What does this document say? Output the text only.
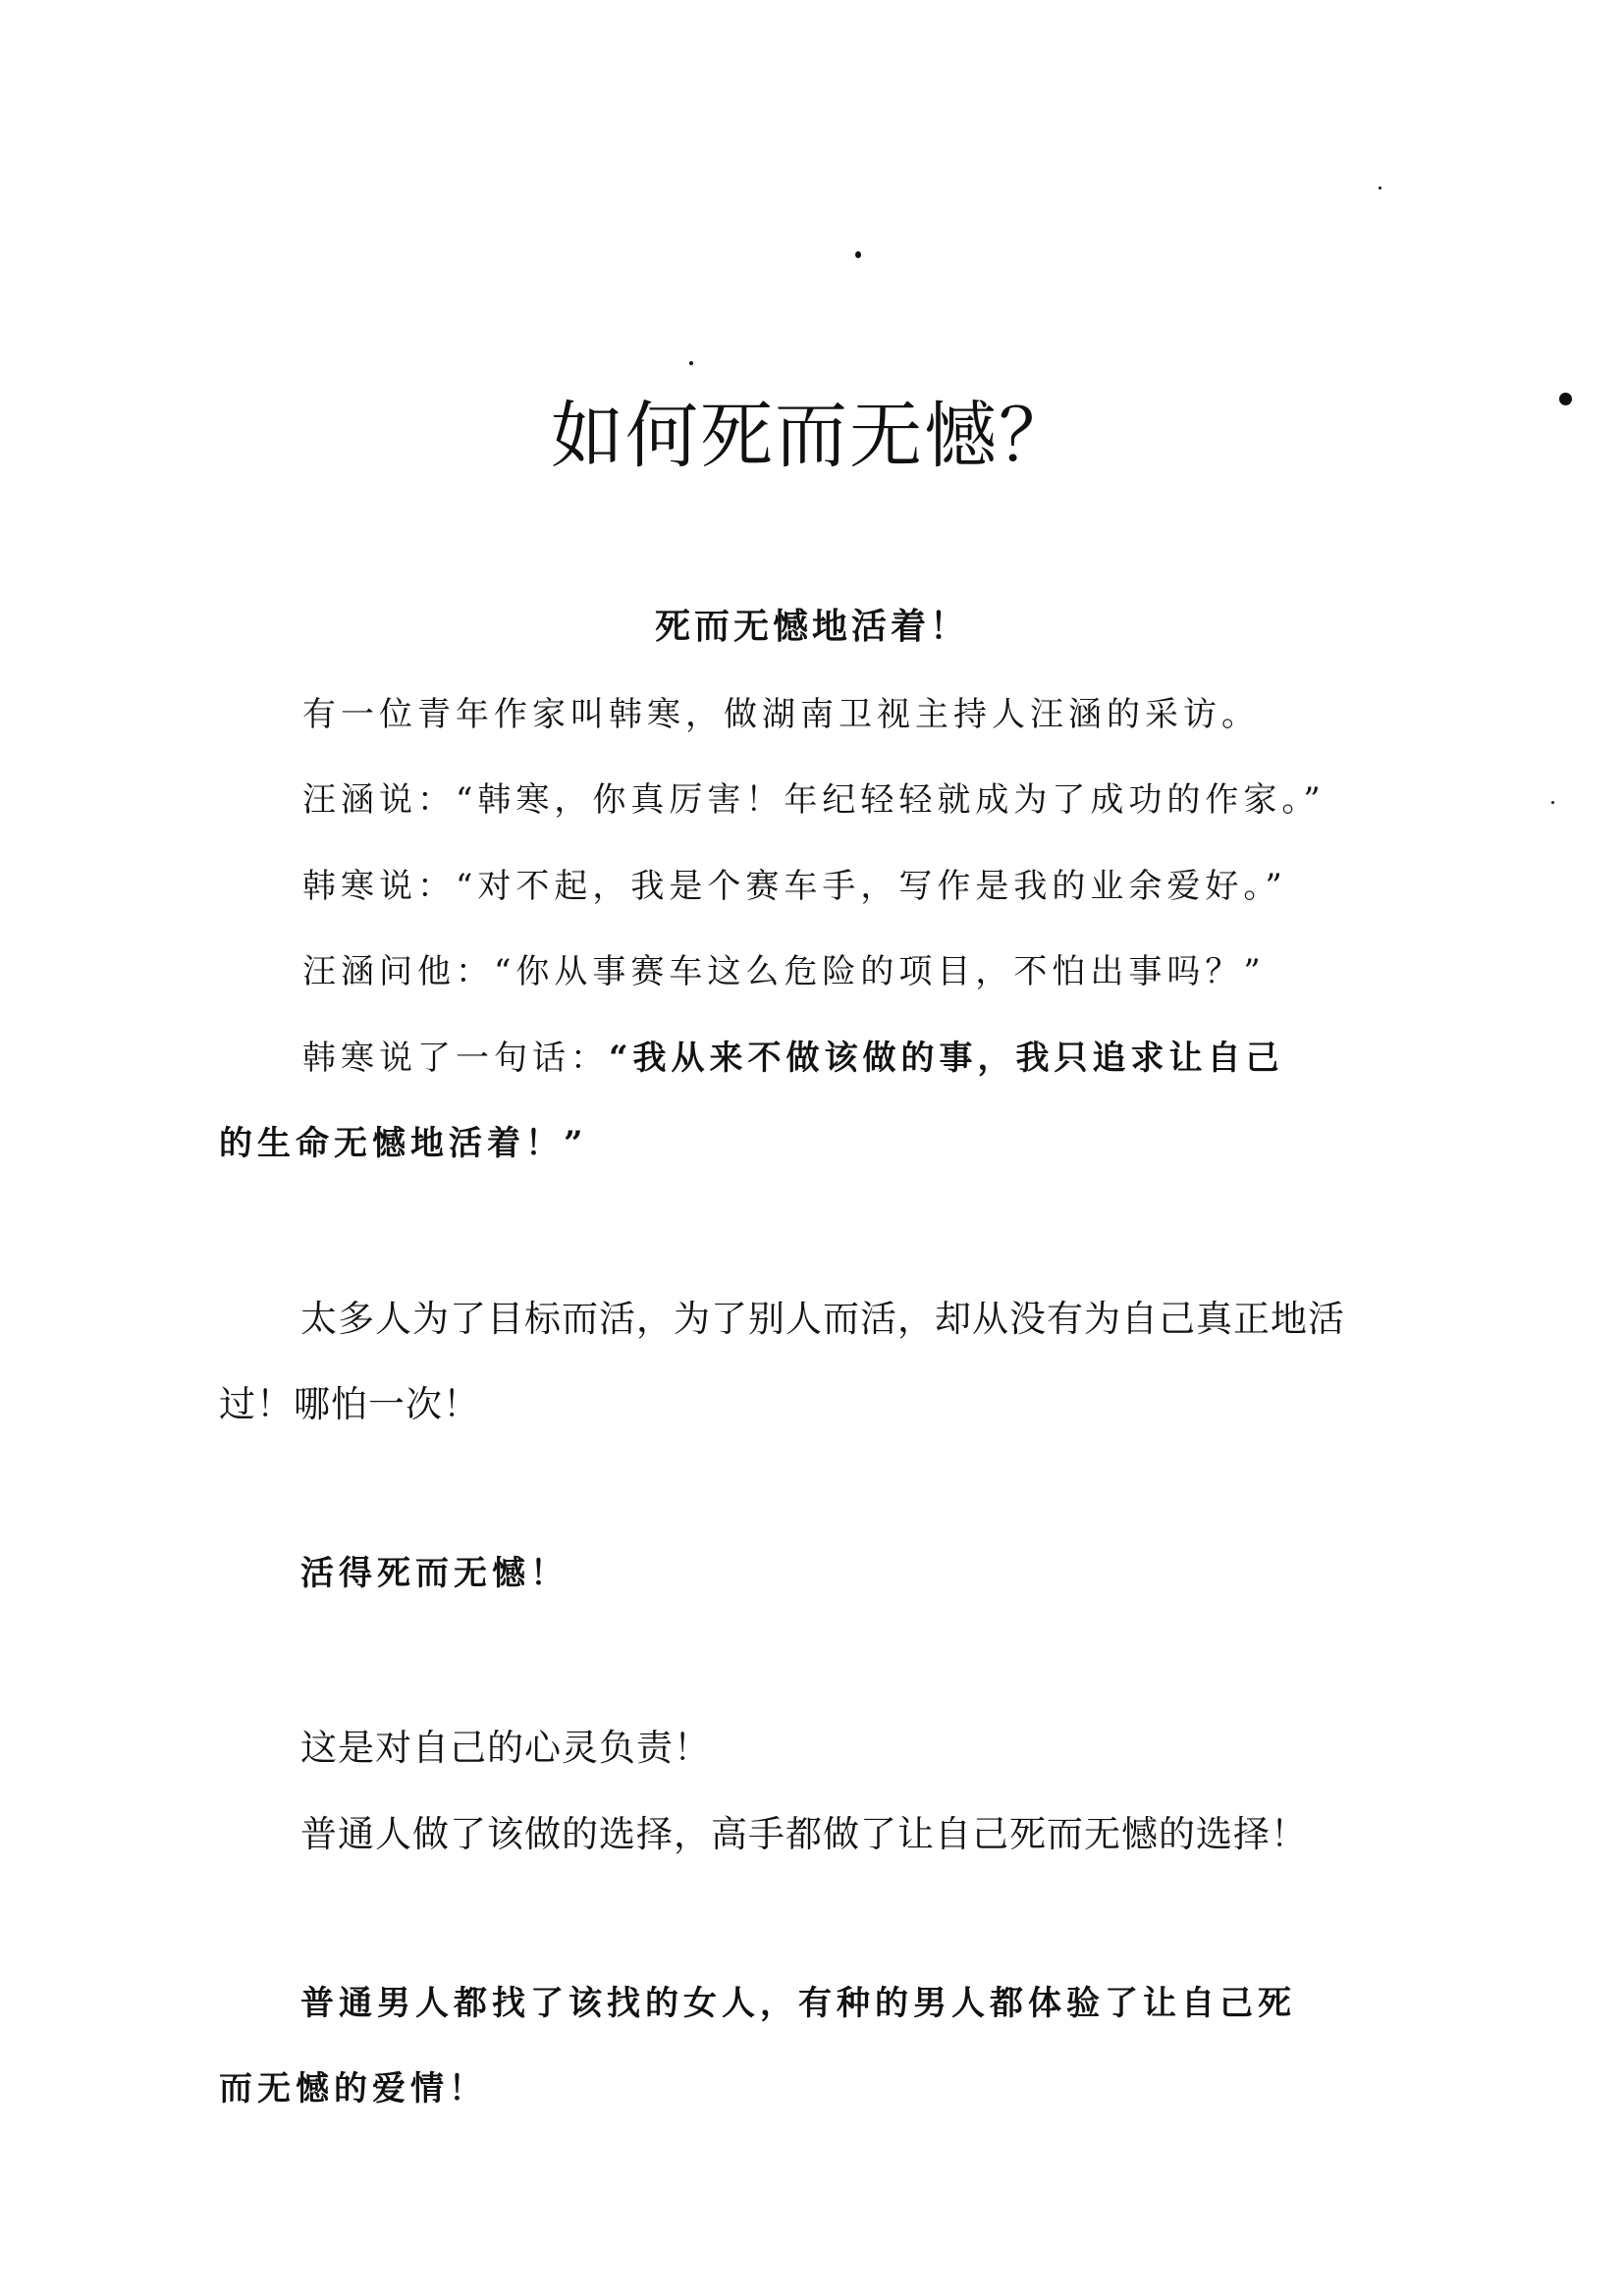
如何死而无憾？

死而无憾地活着！

有一位青年作家叫韩寒，做湖南卫视主持人汪涵的采访。

汪涵说：“韩寒，你真厉害！年纪轻轻就成为了成功的作家。”

韩寒说：“对不起，我是个赛车手，写作是我的业余爱好。”

汪涵问他：“你从事赛车这么危险的项目，不怕出事吗？”

韩寒说了一句话：“我从来不做该做的事，我只追求让自己

的生命无憾地活着！”

太多人为了目标而活，为了别人而活，却从没有为自己真正地活

过！哪怕一次！

活得死而无憾！

这是对自己的心灵负责！

普通人做了该做的选择，高手都做了让自己死而无憾的选择！

普通男人都找了该找的女人，有种的男人都体验了让自己死

而无憾的爱情！
